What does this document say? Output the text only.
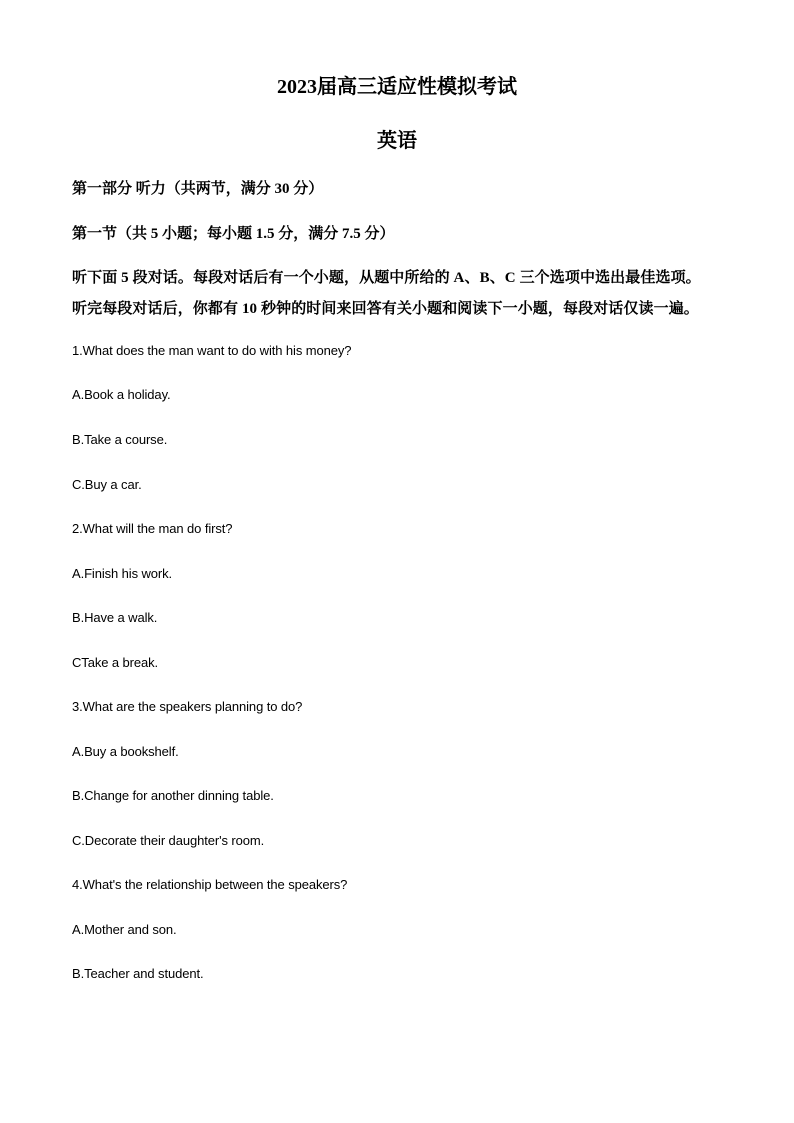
2023届高三适应性模拟考试
英语
第一部分 听力（共两节，满分 30 分）
第一节（共 5 小题；每小题 1.5 分，满分 7.5 分）
听下面 5 段对话。每段对话后有一个小题，从题中所给的 A、B、C 三个选项中选出最佳选项。
听完每段对话后，你都有 10 秒钟的时间来回答有关小题和阅读下一小题，每段对话仅读一遍。
1.What does the man want to do with his money?
A.Book a holiday.
B.Take a course.
C.Buy a car.
2.What will the man do first?
A.Finish his work.
B.Have a walk.
CTake a break.
3.What are the speakers planning to do?
A.Buy a bookshelf.
B.Change for another dinning table.
C.Decorate their daughter's room.
4.What's the relationship between the speakers?
A.Mother and son.
B.Teacher and student.
